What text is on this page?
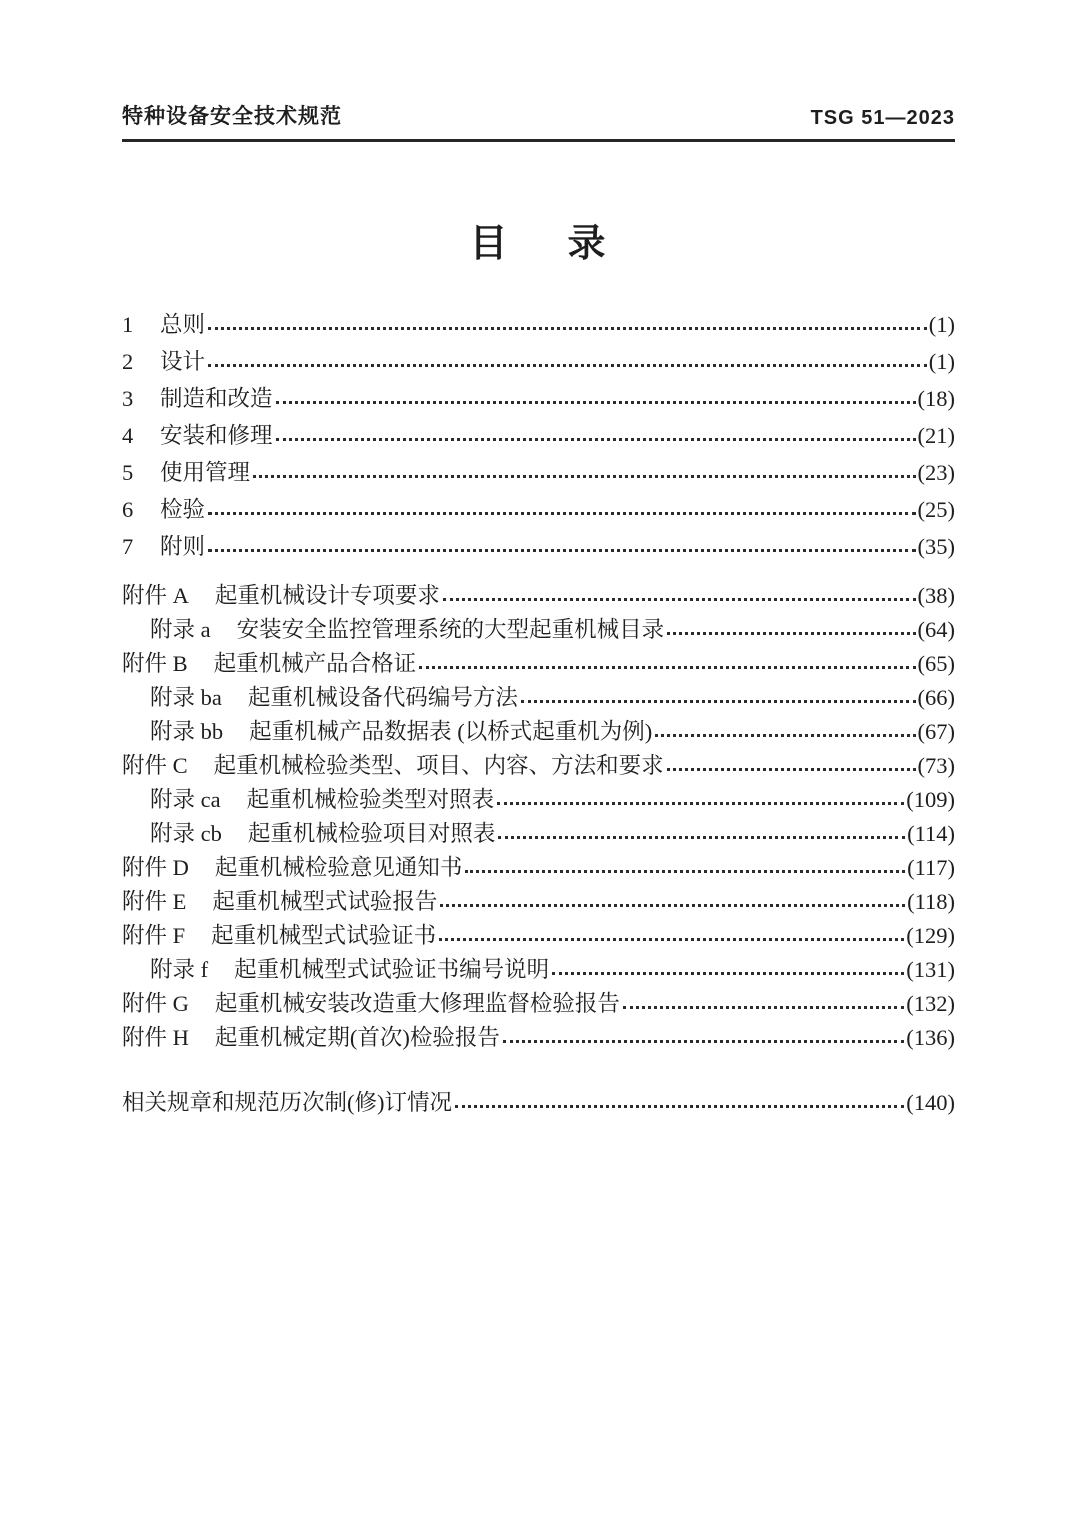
特种设备安全技术规范	TSG 51—2023
目 录
1 总则	(1)
2 设计	(1)
3 制造和改造	(18)
4 安装和修理	(21)
5 使用管理	(23)
6 检验	(25)
7 附则	(35)
附件 A 起重机械设计专项要求	(38)
附录 a 安装安全监控管理系统的大型起重机械目录	(64)
附件 B 起重机械产品合格证	(65)
附录 ba 起重机械设备代码编号方法	(66)
附录 bb 起重机械产品数据表 (以桥式起重机为例)	(67)
附件 C 起重机械检验类型、项目、内容、方法和要求	(73)
附录 ca 起重机械检验类型对照表	(109)
附录 cb 起重机械检验项目对照表	(114)
附件 D 起重机械检验意见通知书	(117)
附件 E 起重机械型式试验报告	(118)
附件 F 起重机械型式试验证书	(129)
附录 f 起重机械型式试验证书编号说明	(131)
附件 G 起重机械安装改造重大修理监督检验报告	(132)
附件 H 起重机械定期(首次)检验报告	(136)
相关规章和规范历次制(修)订情况	(140)
